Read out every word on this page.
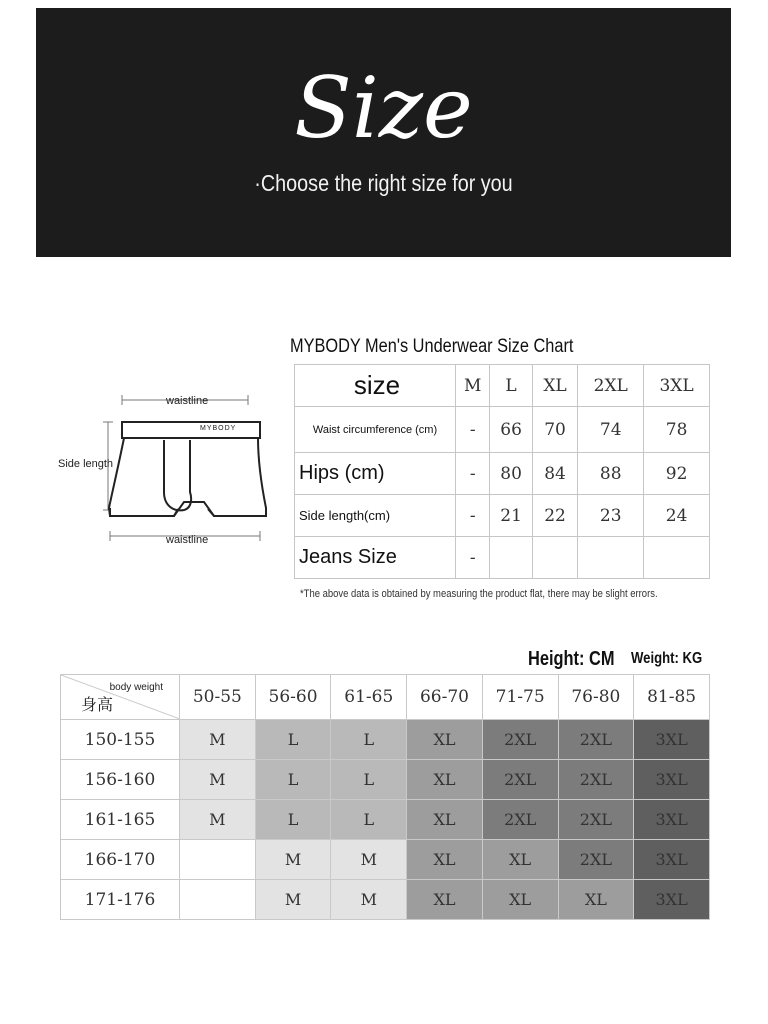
Size
·Choose the right size for you
waistline
Side length
waistline
MYBODY
MYBODY Men's Underwear Size Chart
size	M	L	XL	2XL	3XL
Waist circumference (cm)	-	66	70	74	78
Hips (cm)	-	80	84	88	92
Side length(cm)	-	21	22	23	24
Jeans Size	-				
*The above data is obtained by measuring the product flat, there may be slight errors.
Height: CM Weight: KG
body weight
身高	50-55	56-60	61-65	66-70	71-75	76-80	81-85
150-155	M	L	L	XL	2XL	2XL	3XL
156-160	M	L	L	XL	2XL	2XL	3XL
161-165	M	L	L	XL	2XL	2XL	3XL
166-170		M	M	XL	XL	2XL	3XL
171-176		M	M	XL	XL	XL	3XL
